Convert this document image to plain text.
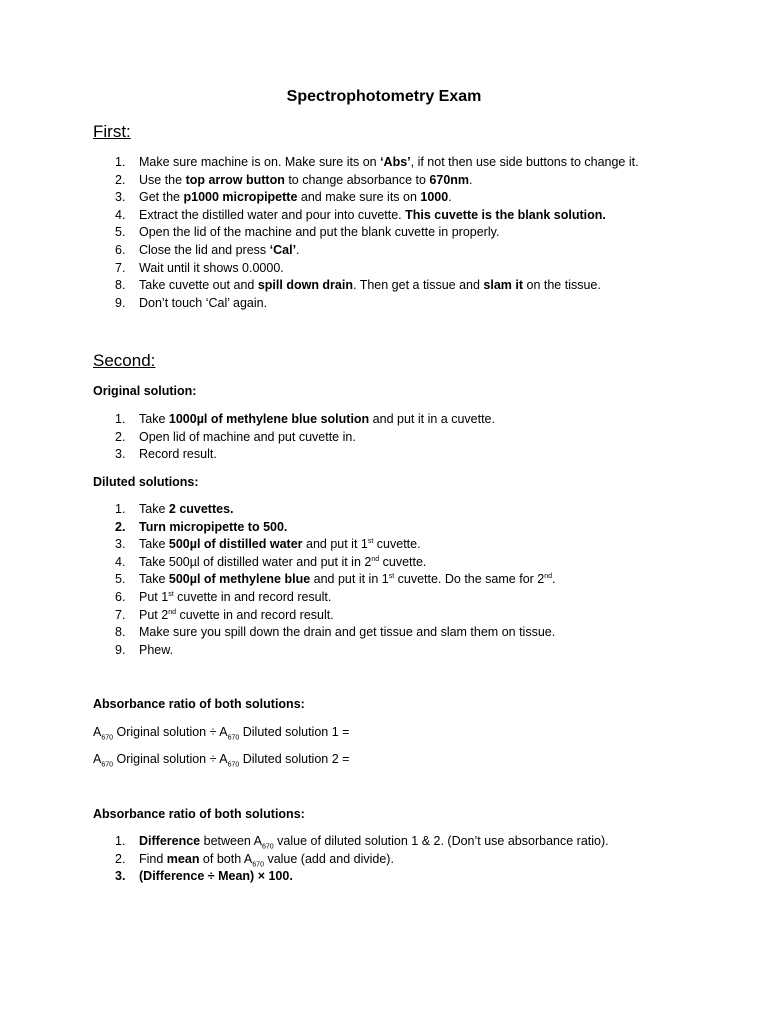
Spectrophotometry Exam
First:
1. Make sure machine is on. Make sure its on ‘Abs’, if not then use side buttons to change it.
2. Use the top arrow button to change absorbance to 670nm.
3. Get the p1000 micropipette and make sure its on 1000.
4. Extract the distilled water and pour into cuvette. This cuvette is the blank solution.
5. Open the lid of the machine and put the blank cuvette in properly.
6. Close the lid and press ‘Cal’.
7. Wait until it shows 0.0000.
8. Take cuvette out and spill down drain. Then get a tissue and slam it on the tissue.
9. Don’t touch ‘Cal’ again.
Second:

Original solution:

1. Take 1000µl of methylene blue solution and put it in a cuvette.
2. Open lid of machine and put cuvette in.
3. Record result.

Diluted solutions:

1. Take 2 cuvettes.
2. Turn micropipette to 500.
3. Take 500µl of distilled water and put it 1st cuvette.
4. Take 500µl of distilled water and put it in 2nd cuvette.
5. Take 500µl of methylene blue and put it in 1st cuvette. Do the same for 2nd.
6. Put 1st cuvette in and record result.
7. Put 2nd cuvette in and record result.
8. Make sure you spill down the drain and get tissue and slam them on tissue.
9. Phew.

Absorbance ratio of both solutions:

$A_{670}$ Original solution ÷ $A_{670}$ Diluted solution 1 =

$A_{670}$ Original solution ÷ $A_{670}$ Diluted solution 2 =

Absorbance ratio of both solutions:

1. Difference between $A_{670}$ value of diluted solution 1 & 2. (Don’t use absorbance ratio).
2. Find mean of both $A_{670}$ value (add and divide).
3. (Difference ÷ Mean) × 100.
